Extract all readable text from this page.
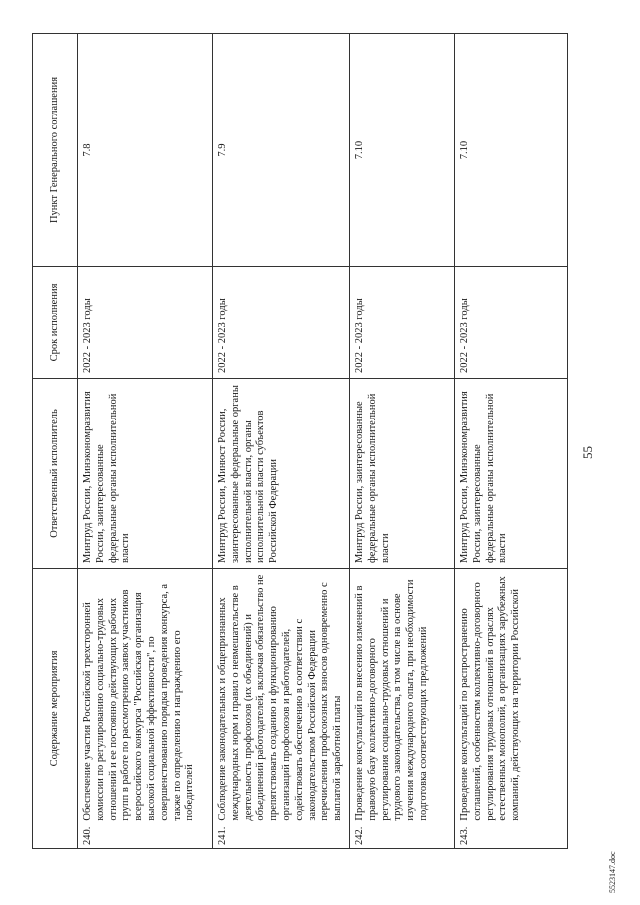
Содержание мероприятия	Ответственный исполнитель	Срок исполнения	Пункт Генерального соглашения

240.
Обеспечение участия Российской трехсторонней комиссии по регулированию социально-трудовых отношений и ее постоянно действующих рабочих групп в работе по рассмотрению заявок участников всероссийского конкурса "Российская организация высокой социальной эффективности", по совершенствованию порядка проведения конкурса, а также по определению и награждению его победителей	Минтруд России, Минэкономразвития России, заинтересованные федеральные органы исполнительной власти	2022 - 2023 годы	7.8

241.
Соблюдение законодательных и общепризнанных международных норм и правил о невмешательстве в деятельность профсоюзов (их объединений) и объединений работодателей, включая обязательство не препятствовать созданию и функционированию организаций профсоюзов и работодателей, содействовать обеспечению в соответствии с законодательством Российской Федерации перечисления профсоюзных взносов одновременно с выплатой заработной платы	Минтруд России, Минюст России, заинтересованные федеральные органы исполнительной власти, органы исполнительной власти субъектов Российской Федерации	2022 - 2023 годы	7.9

242.
Проведение консультаций по внесению изменений в правовую базу коллективно-договорного регулирования социально-трудовых отношений и трудового законодательства, в том числе на основе изучения международного опыта, при необходимости подготовка соответствующих предложений	Минтруд России, заинтересованные федеральные органы исполнительной власти	2022 - 2023 годы	7.10

243.
Проведение консультаций по распространению соглашений, особенностям коллективно-договорного регулирования трудовых отношений в отраслях естественных монополий, в организациях зарубежных компаний, действующих на территории Российской	Минтруд России, Минэкономразвития России, заинтересованные федеральные органы исполнительной власти	2022 - 2023 годы	7.10
55
5523147.doc
